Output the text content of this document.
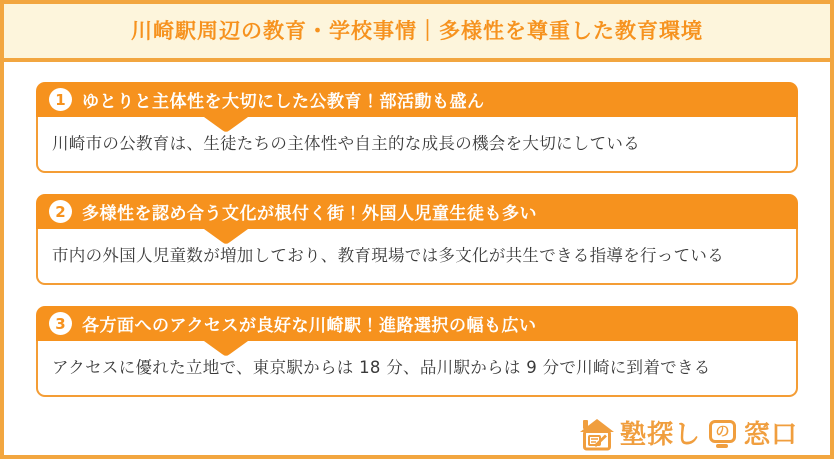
川崎駅周辺の教育・学校事情｜多様性を尊重した教育環境
1 ゆとりと主体性を大切にした公教育！部活動も盛ん

川崎市の公教育は、生徒たちの主体性や自主的な成長の機会を大切にしている

2 多様性を認め合う文化が根付く街！外国人児童生徒も多い

市内の外国人児童数が増加しており、教育現場では多文化が共生できる指導を行っている

3 各方面へのアクセスが良好な川崎駅！進路選択の幅も広い

アクセスに優れた立地で、東京駅からは 18 分、品川駅からは 9 分で川崎に到着できる

塾探し の 窓口
